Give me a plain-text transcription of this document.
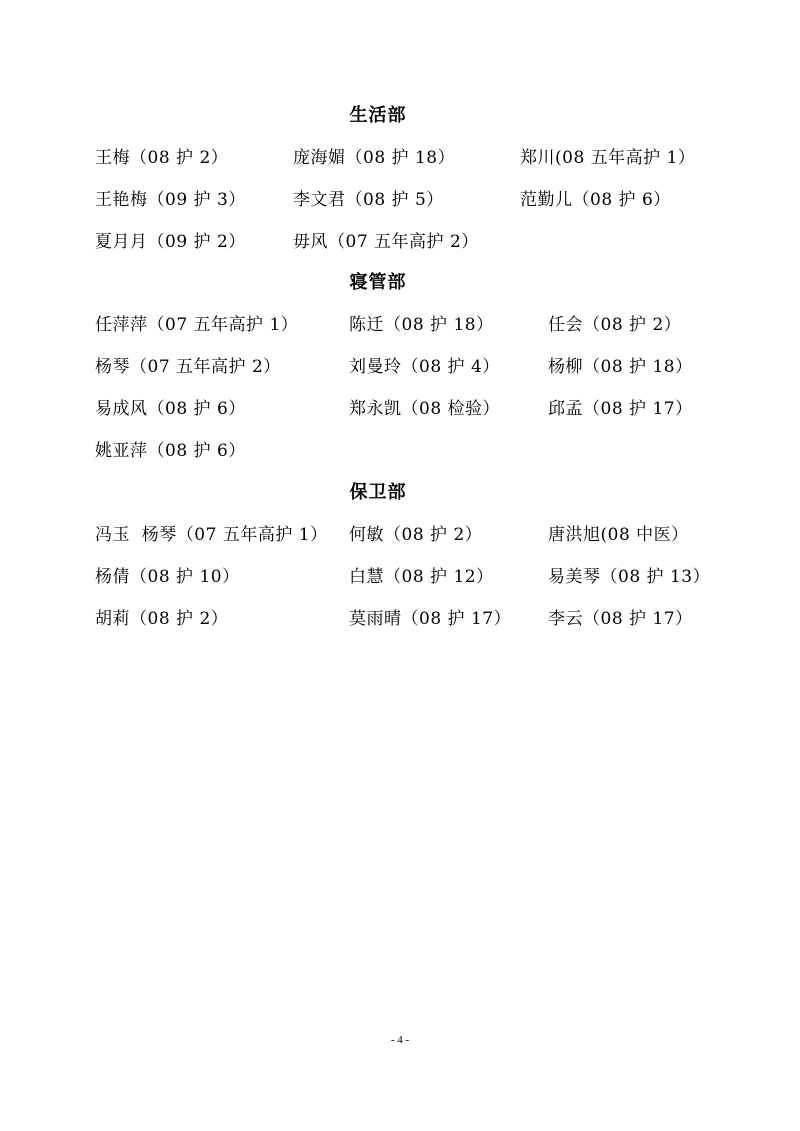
生活部
王梅（08 护 2）	庞海媚（08 护 18）	郑川(08 五年高护 1）
王艳梅（09 护 3）	李文君（08 护 5）	范勤儿（08 护 6）
夏月月（09 护 2）	毋风（07 五年高护 2）
寝管部
任萍萍（07 五年高护 1）	陈迁（08 护 18）	任会（08 护 2）
杨琴（07 五年高护 2）	刘曼玲（08 护 4）	杨柳（08 护 18）
易成风（08 护 6）	郑永凯（08 检验）	邱孟（08 护 17）
姚亚萍（08 护 6）
保卫部
冯玉  杨琴（07 五年高护 1） 何敏（08 护 2）	唐洪旭(08 中医）
杨倩（08 护 10）	白慧（08 护 12）	易美琴（08 护 13）
胡莉（08 护 2）	莫雨晴（08 护 17） 李云（08 护 17）
- 4 -
